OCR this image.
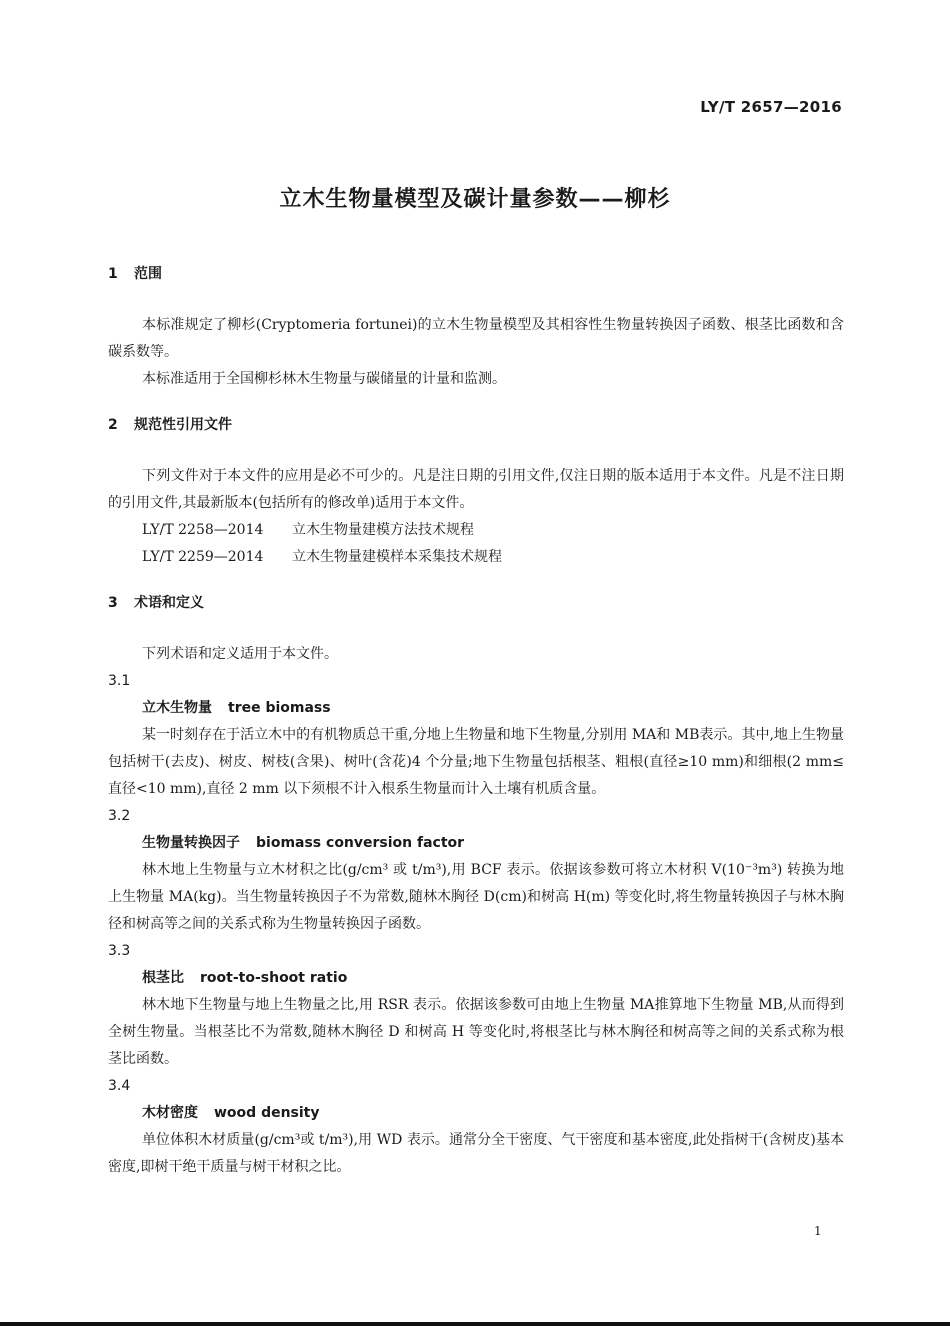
LY/T 2657—2016
立木生物量模型及碳计量参数——柳杉
1 范围

本标准规定了柳杉(Cryptomeria fortunei)的立木生物量模型及其相容性生物量转换因子函数、根茎比函数和含碳系数等。

本标准适用于全国柳杉林木生物量与碳储量的计量和监测。

2 规范性引用文件

下列文件对于本文件的应用是必不可少的。凡是注日期的引用文件,仅注日期的版本适用于本文件。凡是不注日期的引用文件,其最新版本(包括所有的修改单)适用于本文件。

LY/T 2258—2014 立木生物量建模方法技术规程

LY/T 2259—2014 立木生物量建模样本采集技术规程

3 术语和定义

下列术语和定义适用于本文件。

3.1
立木生物量 tree biomass

某一时刻存在于活立木中的有机物质总干重,分地上生物量和地下生物量,分别用 MA和 MB表示。其中,地上生物量包括树干(去皮)、树皮、树枝(含果)、树叶(含花)4 个分量;地下生物量包括根茎、粗根(直径≥10 mm)和细根(2 mm≤直径<10 mm),直径 2 mm 以下须根不计入根系生物量而计入土壤有机质含量。

3.2
生物量转换因子 biomass conversion factor

林木地上生物量与立木材积之比(g/cm³ 或 t/m³),用 BCF 表示。依据该参数可将立木材积 V(10⁻³m³) 转换为地上生物量 MA(kg)。当生物量转换因子不为常数,随林木胸径 D(cm)和树高 H(m) 等变化时,将生物量转换因子与林木胸径和树高等之间的关系式称为生物量转换因子函数。

3.3
根茎比 root-to-shoot ratio

林木地下生物量与地上生物量之比,用 RSR 表示。依据该参数可由地上生物量 MA推算地下生物量 MB,从而得到全树生物量。当根茎比不为常数,随林木胸径 D 和树高 H 等变化时,将根茎比与林木胸径和树高等之间的关系式称为根茎比函数。

3.4
木材密度 wood density

单位体积木材质量(g/cm³或 t/m³),用 WD 表示。通常分全干密度、气干密度和基本密度,此处指树干(含树皮)基本密度,即树干绝干质量与树干材积之比。

1
